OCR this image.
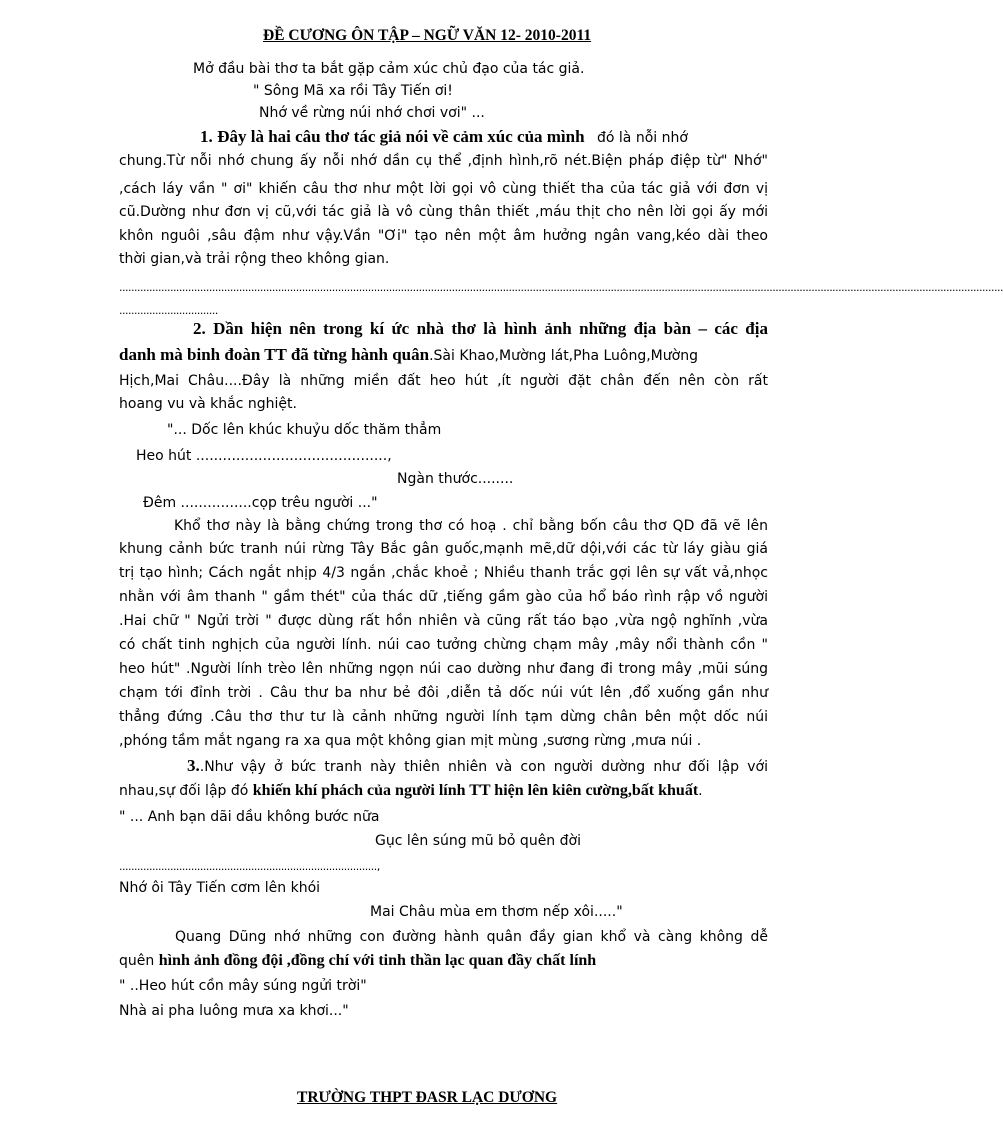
ĐỀ CƯƠNG ÔN TẬP – NGỮ VĂN 12- 2010-2011
Mở đầu bài thơ ta bắt gặp cảm xúc chủ đạo của tác giả.
" Sông Mã xa rồi Tây Tiến ơi!
Nhớ về rừng núi nhớ chơi vơi" ...
1. Đây là hai câu thơ tác giả nói về cảm xúc của mình đó là nỗi nhớ
chung.Từ nỗi nhớ chung ấy nỗi nhớ dần cụ thể ,định hình,rõ nét.Biện pháp điệp từ" Nhớ"
,cách láy vần " ơi" khiến câu thơ như một lời gọi vô cùng thiết tha của tác giả với đơn vị
cũ.Dường như đơn vị cũ,với tác giả là vô cùng thân thiết ,máu thịt cho nên lời gọi ấy mới
khôn nguôi ,sâu đậm như vậy.Vần "Ơi" tạo nên một âm hưởng ngân vang,kéo dài theo
thời gian,và trải rộng theo không gian.
.......................................................................................................................................................................................................................................................................................................
.................................
2. Dần hiện nên trong kí ức nhà thơ là hình ảnh những địa bàn – các địa
danh mà binh đoàn TT đã từng hành quân.Sài Khao,Mường lát,Pha Luông,Mường
Hịch,Mai Châu....Đây là những miền đất heo hút ,ít người đặt chân đến nên còn rất
hoang vu và khắc nghiệt.
"... Dốc lên khúc khuỷu dốc thăm thẳm
Heo hút ...........................................,
Ngàn thước........
Đêm ................cọp trêu người ..."
Khổ thơ này là bằng chứng trong thơ có hoạ . chỉ bằng bốn câu thơ QD đã vẽ lên
khung cảnh bức tranh núi rừng Tây Bắc gân guốc,mạnh mẽ,dữ dội,với các từ láy giàu giá
trị tạo hình; Cách ngắt nhịp 4/3 ngắn ,chắc khoẻ ; Nhiều thanh trắc gợi lên sự vất vả,nhọc
nhằn với âm thanh " gầm thét" của thác dữ ,tiếng gầm gào của hổ báo rình rập vồ người
.Hai chữ " Ngửi trời " được dùng rất hồn nhiên và cũng rất táo bạo ,vừa ngộ nghĩnh ,vừa
có chất tinh nghịch của người lính. núi cao tưởng chừng chạm mây ,mây nổi thành cồn "
heo hút" .Người lính trèo lên những ngọn núi cao dường như đang đi trong mây ,mũi súng
chạm tới đỉnh trời . Câu thư ba như bẻ đôi ,diễn tả dốc núi vút lên ,đổ xuống gần như
thẳng đứng .Câu thơ thư tư là cảnh những người lính tạm dừng chân bên một dốc núi
,phóng tầm mắt ngang ra xa qua một không gian mịt mùng ,sương rừng ,mưa núi .
3. .Như vậy ở bức tranh này thiên nhiên và con người dường như đối lập với
nhau,sự đối lập đó khiến khí phách của người lính TT hiện lên kiên cường,bất khuất.
" ... Anh bạn dãi dầu không bước nữa
Gục lên súng mũ bỏ quên đời
......................................................................................,
Nhớ ôi Tây Tiến cơm lên khói
Mai Châu mùa em thơm nếp xôi....."
Quang Dũng nhớ những con đường hành quân đầy gian khổ và càng không dễ
quên hình ảnh đồng đội ,đồng chí với tinh thần lạc quan đầy chất lính
" ..Heo hút cồn mây súng ngửi trời"
Nhà ai pha luông mưa xa khơi..."
TRƯỜNG THPT ĐASR LẠC DƯƠNG
